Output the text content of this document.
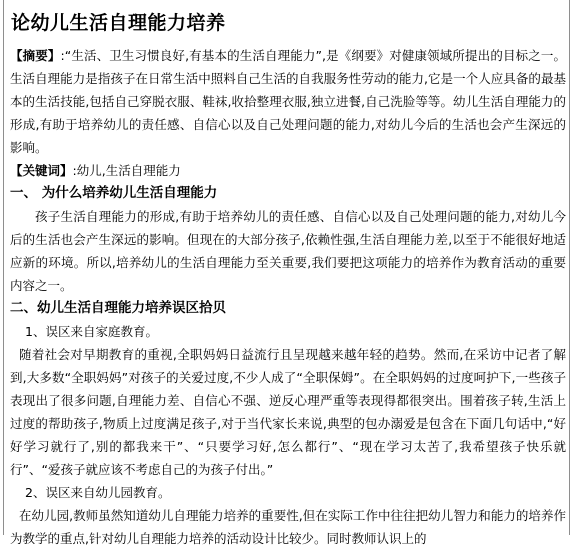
论幼儿生活自理能力培养

【摘要】:“生活、卫生习惯良好,有基本的生活自理能力”,是《纲要》对健康领域所提出的目标之一。生活自理能力是指孩子在日常生活中照料自己生活的自我服务性劳动的能力,它是一个人应具备的最基本的生活技能,包括自己穿脱衣服、鞋袜,收拾整理衣服,独立进餐,自己洗脸等等。幼儿生活自理能力的形成,有助于培养幼儿的责任感、自信心以及自己处理问题的能力,对幼儿今后的生活也会产生深远的影响。

【关键词】:幼儿,生活自理能力

一、 为什么培养幼儿生活自理能力

孩子生活自理能力的形成,有助于培养幼儿的责任感、自信心以及自己处理问题的能力,对幼儿今后的生活也会产生深远的影响。但现在的大部分孩子,依赖性强,生活自理能力差,以至于不能很好地适应新的环境。所以,培养幼儿的生活自理能力至关重要,我们要把这项能力的培养作为教育活动的重要内容之一。

二、幼儿生活自理能力培养误区拾贝

1、误区来自家庭教育。

随着社会对早期教育的重视,全职妈妈日益流行且呈现越来越年轻的趋势。然而,在采访中记者了解到,大多数“全职妈妈”对孩子的关爱过度,不少人成了“全职保姆”。在全职妈妈的过度呵护下,一些孩子表现出了很多问题,自理能力差、自信心不强、逆反心理严重等表现得都很突出。围着孩子转,生活上过度的帮助孩子,物质上过度满足孩子,对于当代家长来说,典型的包办溺爱是包含在下面几句话中,“好好学习就行了,别的都我来干”、“只要学习好,怎么都行”、“现在学习太苦了,我希望孩子快乐就行”、“爱孩子就应该不考虑自己的为孩子付出。”

2、误区来自幼儿园教育。

在幼儿园,教师虽然知道幼儿自理能力培养的重要性,但在实际工作中往往把幼儿智力和能力的培养作为教学的重点,针对幼儿自理能力培养的活动设计比较少。同时教师认识上的
